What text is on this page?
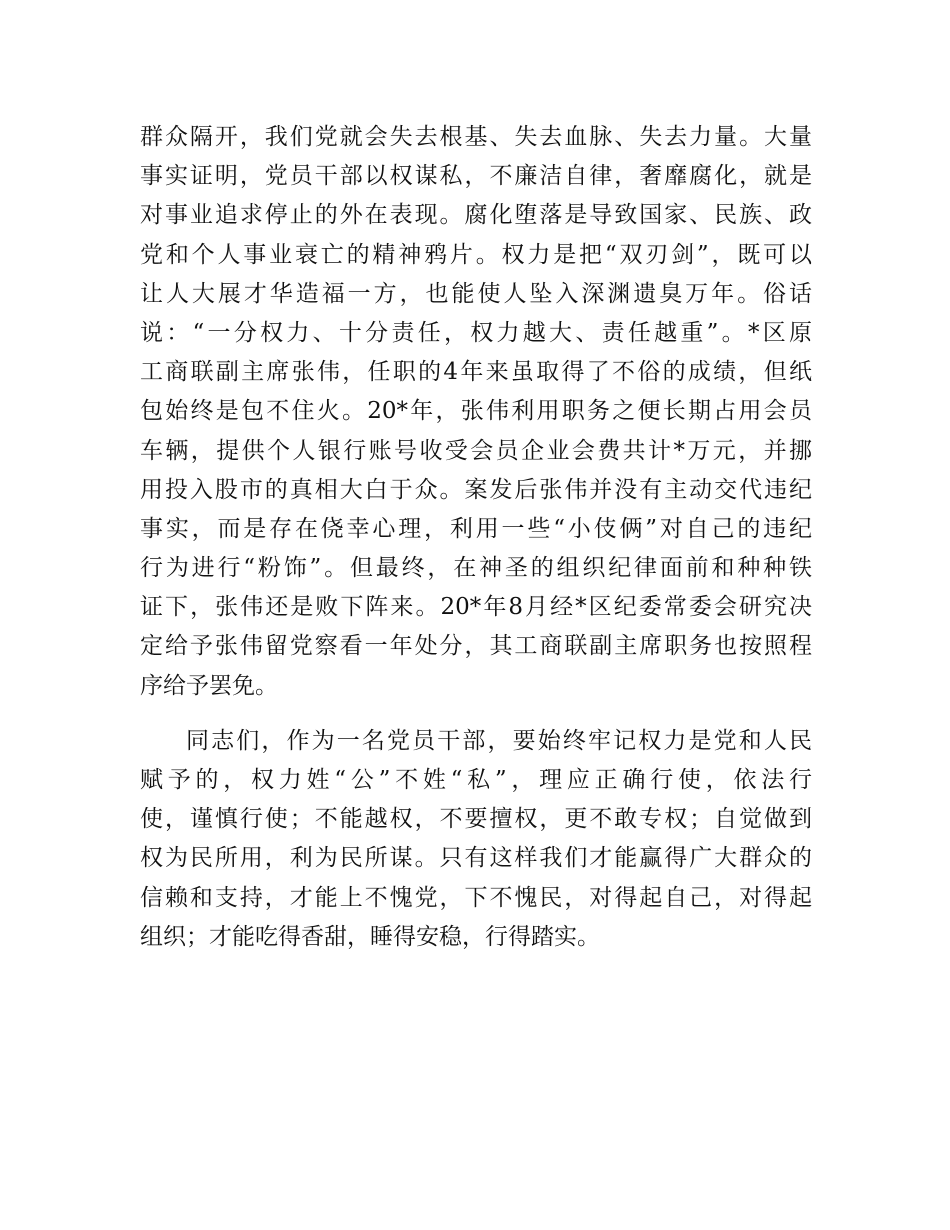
群众隔开，我们党就会失去根基、失去血脉、失去力量。大量
事实证明，党员干部以权谋私，不廉洁自律，奢靡腐化，就是
对事业追求停止的外在表现。腐化堕落是导致国家、民族、政
党和个人事业衰亡的精神鸦片。权力是把“双刃剑”，既可以
让人大展才华造福一方，也能使人坠入深渊遗臭万年。俗话
说：“一分权力、十分责任，权力越大、责任越重”。*区原
工商联副主席张伟，任职的4年来虽取得了不俗的成绩，但纸
包始终是包不住火。20*年，张伟利用职务之便长期占用会员
车辆，提供个人银行账号收受会员企业会费共计*万元，并挪
用投入股市的真相大白于众。案发后张伟并没有主动交代违纪
事实，而是存在侥幸心理，利用一些“小伎俩”对自己的违纪
行为进行“粉饰”。但最终，在神圣的组织纪律面前和种种铁
证下，张伟还是败下阵来。20*年8月经*区纪委常委会研究决
定给予张伟留党察看一年处分，其工商联副主席职务也按照程
序给予罢免。
同志们，作为一名党员干部，要始终牢记权力是党和人民
赋予的，权力姓“公”不姓“私”，理应正确行使，依法行
使，谨慎行使；不能越权，不要擅权，更不敢专权；自觉做到
权为民所用，利为民所谋。只有这样我们才能赢得广大群众的
信赖和支持，才能上不愧党，下不愧民，对得起自己，对得起
组织；才能吃得香甜，睡得安稳，行得踏实。
